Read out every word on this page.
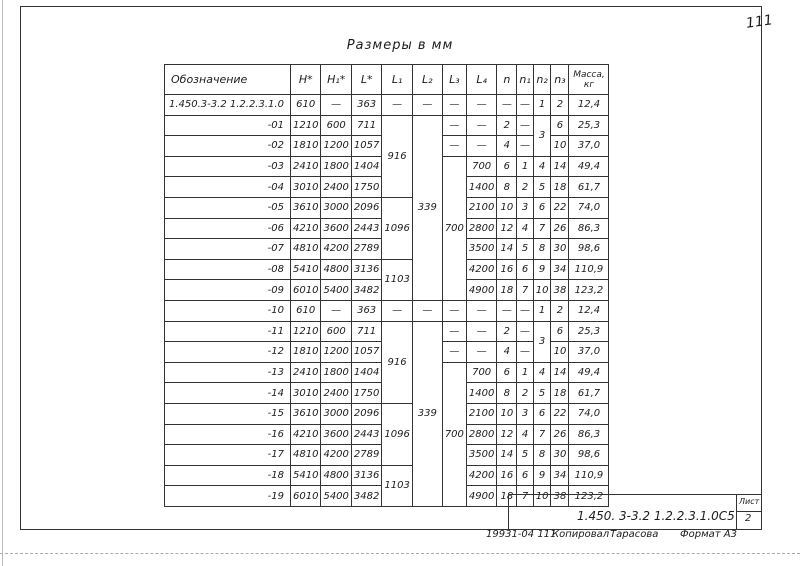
111
Размеры в мм
Обозначение	H*	H₁*	L*	L₁	L₂	L₃	L₄	n	n₁	n₂	n₃	Масса, кг
1.450.3-3.2 1.2.2.3.1.0	610	—	363	—	—	—	—	—	—	1	2	12,4
-01	1210	600	711	916	339	—	—	2	—	3	6	25,3
-02	1810	1200	1057			—	—	4	—		10	37,0
-03	2410	1800	1404			700	700	6	1	4	14	49,4
-04	3010	2400	1750				1400	8	2	5	18	61,7
-05	3610	3000	2096	1096			2100	10	3	6	22	74,0
-06	4210	3600	2443				2800	12	4	7	26	86,3
-07	4810	4200	2789				3500	14	5	8	30	98,6
-08	5410	4800	3136	1103			4200	16	6	9	34	110,9
-09	6010	5400	3482				4900	18	7	10	38	123,2
-10	610	—	363	—	—	—	—	—	—	1	2	12,4
-11	1210	600	711	916	339	—	—	2	—	3	6	25,3
-12	1810	1200	1057			—	—	4	—		10	37,0
-13	2410	1800	1404			700	700	6	1	4	14	49,4
-14	3010	2400	1750				1400	8	2	5	18	61,7
-15	3610	3000	2096	1096			2100	10	3	6	22	74,0
-16	4210	3600	2443				2800	12	4	7	26	86,3
-17	4810	4200	2789				3500	14	5	8	30	98,6
-18	5410	4800	3136	1103			4200	16	6	9	34	110,9
-19	6010	5400	3482				4900	18	7	10	38	123,2
1.450. 3-3.2 1.2.2.3.1.0С5
Лист
2
19931-04 111
Копировал Тарасова Формат А3
